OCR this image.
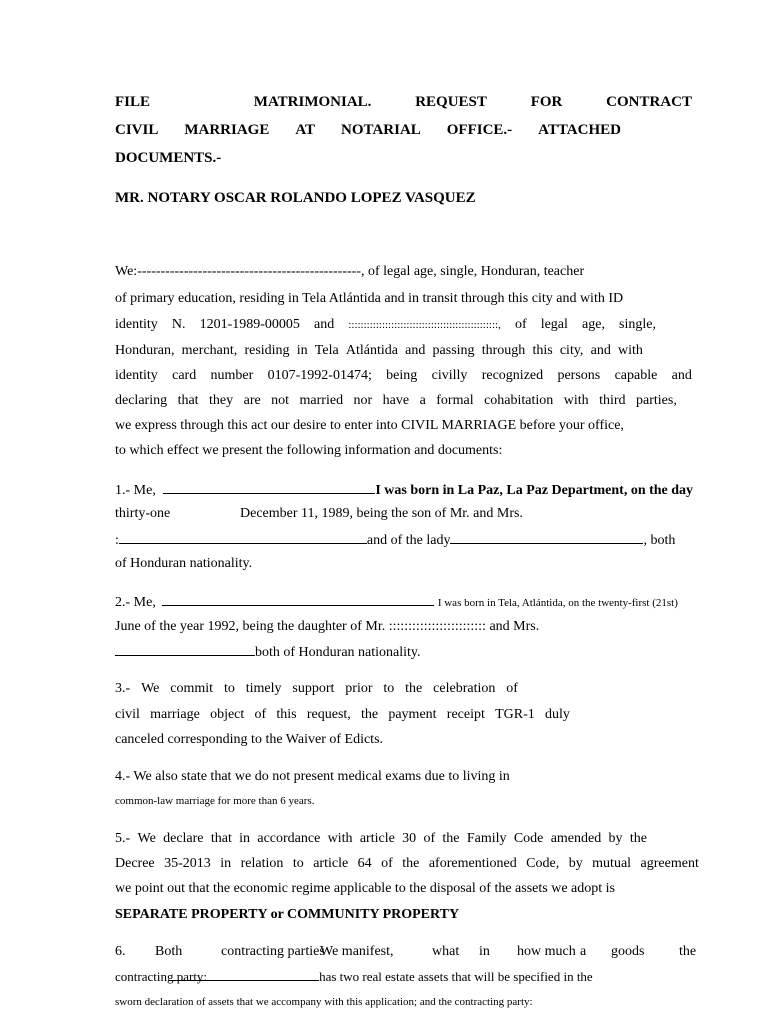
FILE	MATRIMONIAL.	REQUEST	FOR	CONTRACT
CIVIL MARRIAGE AT NOTARIAL OFFICE.- ATTACHED
DOCUMENTS.-
MR. NOTARY OSCAR ROLANDO LOPEZ VASQUEZ
We:------------------------------------------------, of legal age, single, Honduran, teacher
of primary education, residing in Tela Atlántida and in transit through this city and with ID
identity N. 1201-1989-00005 and :::::::::::::::::::::::::::::::::::::::::::::::::, of legal age, single,
Honduran, merchant, residing in Tela Atlántida and passing through this city, and with
identity card number 0107-1992-01474; being civilly recognized persons capable and
declaring that they are not married nor have a formal cohabitation with third parties,
we express through this act our desire to enter into CIVIL MARRIAGE before your office,
to which effect we present the following information and documents:
1.- Me,	I was born in La Paz, La Paz Department, on the day
thirty-one	December 11, 1989, being the son of Mr. and Mrs.
:	and of the lady	, both
of Honduran nationality.
2.- Me,	I was born in Tela, Atlántida, on the twenty-first (21st)
June of the year 1992, being the daughter of Mr. ::::::::::::::::::::::::: and Mrs.
both of Honduran nationality.
3.- We commit to timely support prior to the celebration of
civil marriage object of this request, the payment receipt TGR-1 duly
canceled corresponding to the Waiver of Edicts.
4.- We also state that we do not present medical exams due to living in
common-law marriage for more than 6 years.
5.- We declare that in accordance with article 30 of the Family Code amended by the
Decree 35-2013 in relation to article 64 of the aforementioned Code, by mutual agreement
we point out that the economic regime applicable to the disposal of the assets we adopt is
SEPARATE PROPERTY or COMMUNITY PROPERTY
6. Both	contracting parties
We manifest,	what in how much a goods the
contracting party:	has two real estate assets that will be specified in the
sworn declaration of assets that we accompany with this application; and the contracting party:
